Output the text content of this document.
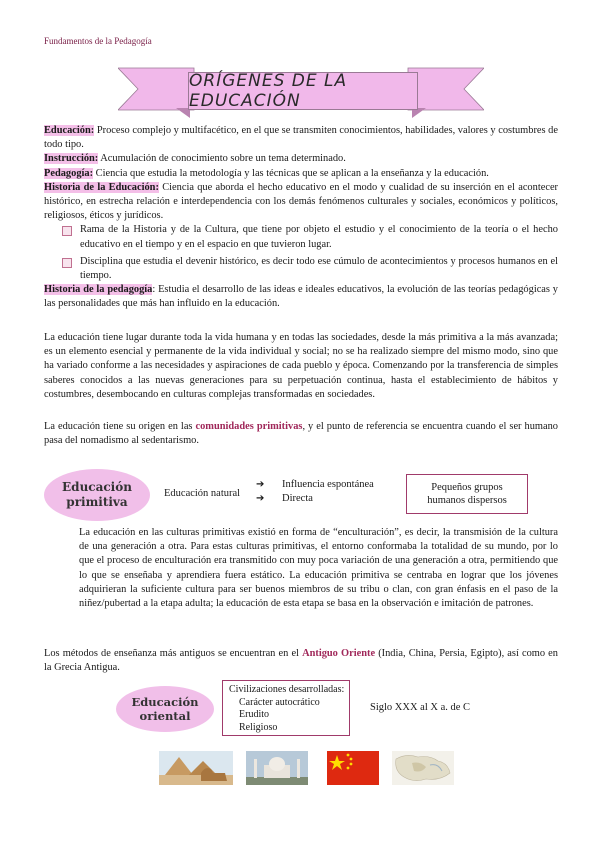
Fundamentos de la Pedagogía
ORÍGENES DE LA EDUCACIÓN
Educación: Proceso complejo y multifacético, en el que se transmiten conocimientos, habilidades, valores y costumbres de todo tipo.
Instrucción: Acumulación de conocimiento sobre un tema determinado.
Pedagogía: Ciencia que estudia la metodología y las técnicas que se aplican a la enseñanza y la educación.
Historia de la Educación: Ciencia que aborda el hecho educativo en el modo y cualidad de su inserción en el acontecer histórico, en estrecha relación e interdependencia con los demás fenómenos culturales y sociales, económicos y políticos, religiosos, éticos y jurídicos.
Rama de la Historia y de la Cultura, que tiene por objeto el estudio y el conocimiento de la teoría o el hecho educativo en el tiempo y en el espacio en que tuvieron lugar.
Disciplina que estudia el devenir histórico, es decir todo ese cúmulo de acontecimientos y procesos humanos en el tiempo.
Historia de la pedagogía: Estudia el desarrollo de las ideas e ideales educativos, la evolución de las teorías pedagógicas y las personalidades que más han influido en la educación.
La educación tiene lugar durante toda la vida humana y en todas las sociedades, desde la más primitiva a la más avanzada; es un elemento esencial y permanente de la vida individual y social; no se ha realizado siempre del mismo modo, sino que ha variado conforme a las necesidades y aspiraciones de cada pueblo y época. Comenzando por la transferencia de simples saberes conocidos a las nuevas generaciones para su perpetuación continua, hasta el establecimiento de hábitos y costumbres, desembocando en culturas complejas transformadas en sociedades.
La educación tiene su origen en las comunidades primitivas, y el punto de referencia se encuentra cuando el ser humano pasa del nomadismo al sedentarismo.
Educación
primitiva
Educación natural
➔
➔
Influencia espontánea
Directa
Pequeños grupos
humanos dispersos
La educación en las culturas primitivas existió en forma de “enculturación”, es decir, la transmisión de la cultura de una generación a otra. Para estas culturas primitivas, el entorno conformaba la totalidad de su mundo, por lo que el proceso de enculturación era transmitido con muy poca variación de una generación a otra, permitiendo que lo que se enseñaba y aprendiera fuera estático. La educación primitiva se centraba en lograr que los jóvenes adquirieran la suficiente cultura para ser buenos miembros de su tribu o clan, con gran énfasis en el paso de la niñez/pubertad a la etapa adulta; la educación de esta etapa se basa en la observación e imitación de patrones.
Los métodos de enseñanza más antiguos se encuentran en el Antiguo Oriente (India, China, Persia, Egipto), así como en la Grecia Antigua.
Educación
oriental
Civilizaciones desarrolladas:
Carácter autocrático
Erudito
Religioso
Siglo XXX al X a. de C
